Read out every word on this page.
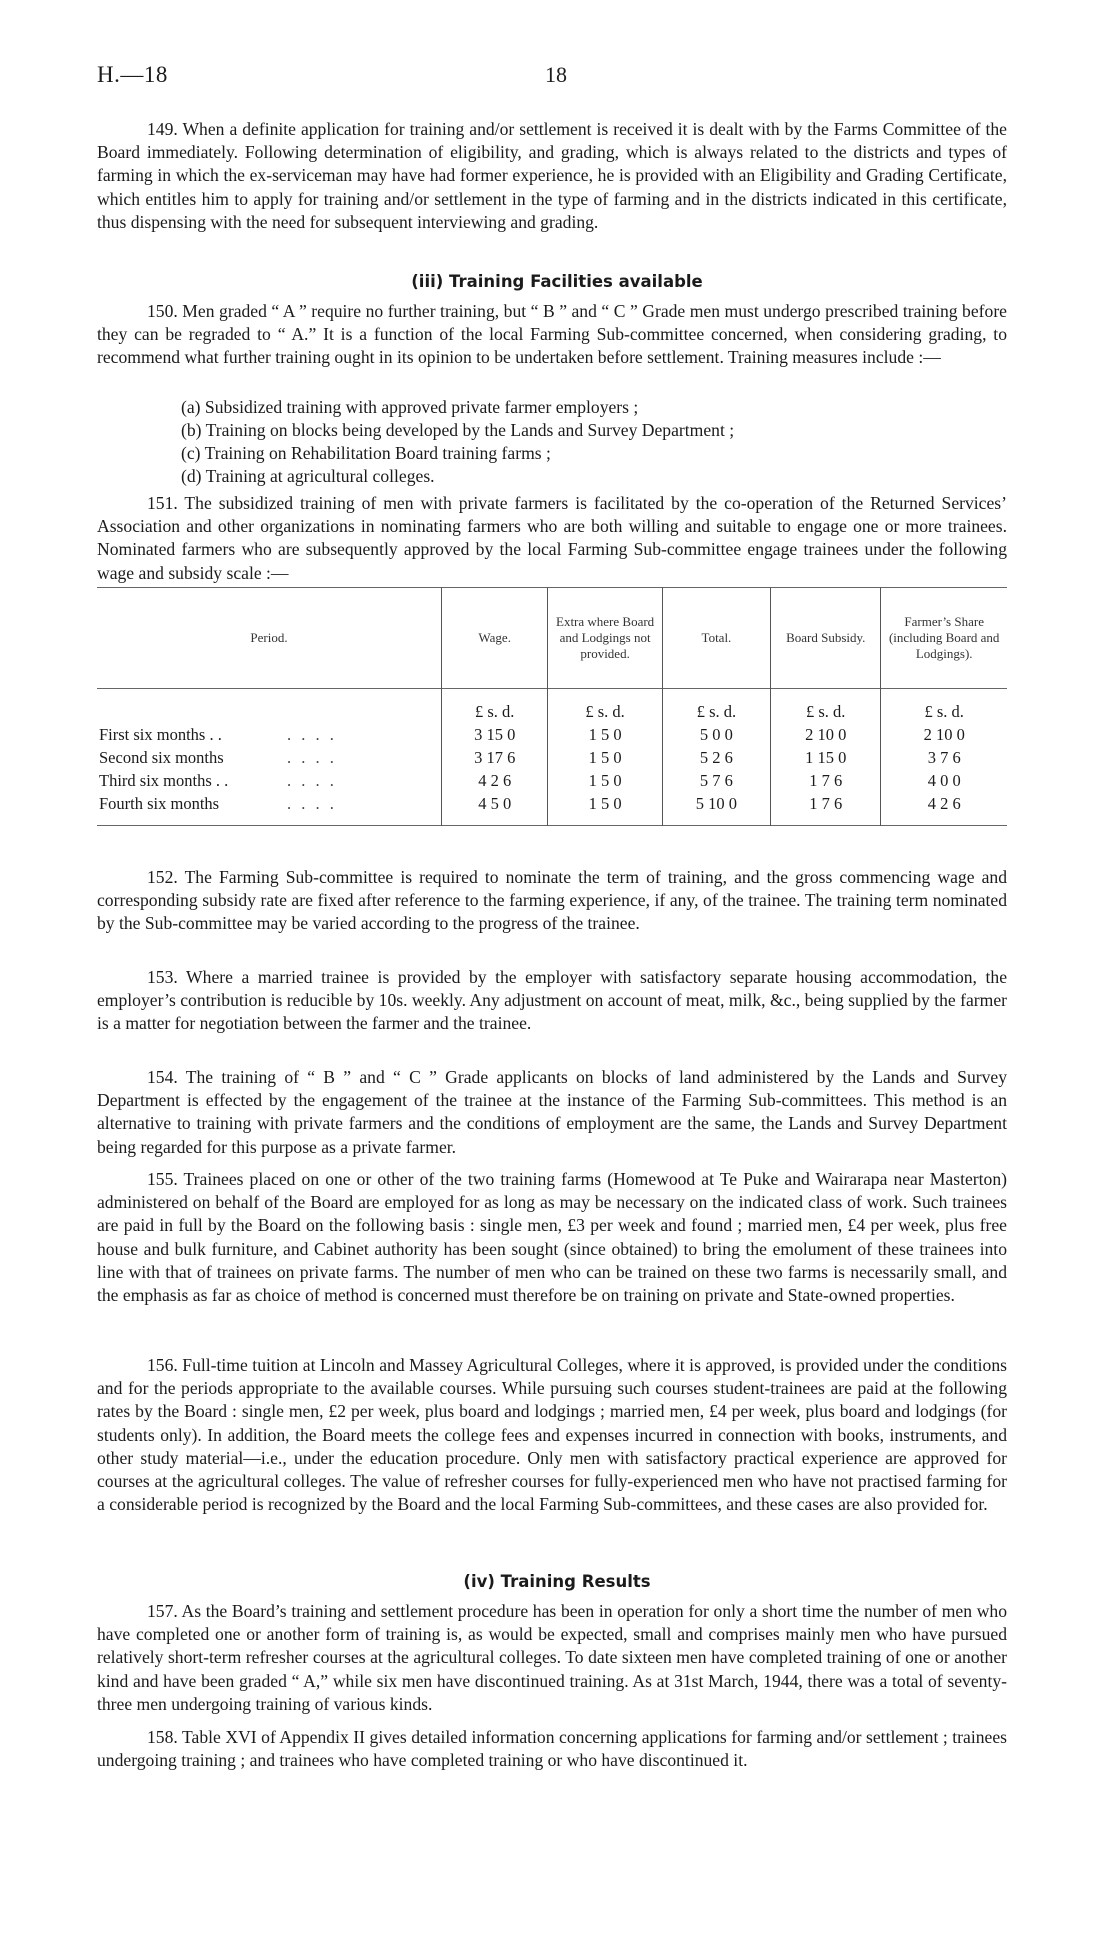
H.—18	18

149. When a definite application for training and/or settlement is received it is dealt with by the Farms Committee of the Board immediately. Following determination of eligibility, and grading, which is always related to the districts and types of farming in which the ex-serviceman may have had former experience, he is provided with an Eligibility and Grading Certificate, which entitles him to apply for training and/or settlement in the type of farming and in the districts indicated in this certificate, thus dispensing with the need for subsequent interviewing and grading.

(iii) Training Facilities available

150. Men graded “ A ” require no further training, but “ B ” and “ C ” Grade men must undergo prescribed training before they can be regraded to “ A.” It is a function of the local Farming Sub-committee concerned, when considering grading, to recommend what further training ought in its opinion to be undertaken before settlement. Training measures include :—

(a) Subsidized training with approved private farmer employers ;
(b) Training on blocks being developed by the Lands and Survey Department ;
(c) Training on Rehabilitation Board training farms ;
(d) Training at agricultural colleges.

151. The subsidized training of men with private farmers is facilitated by the co-operation of the Returned Services’ Association and other organizations in nominating farmers who are both willing and suitable to engage one or more trainees. Nominated farmers who are subsequently approved by the local Farming Sub-committee engage trainees under the following wage and subsidy scale :—

Period.	Wage.	Extra where Board and Lodgings not provided.	Total.	Board Subsidy.	Farmer’s Share (including Board and Lodgings).
	£ s. d.	£ s. d.	£ s. d.	£ s. d.	£ s. d.
First six months . . . . . .	3 15 0	1 5 0	5 0 0	2 10 0	2 10 0
Second six months . . . .	3 17 6	1 5 0	5 2 6	1 15 0	3 7 6
Third six months . . . . . .	4 2 6	1 5 0	5 7 6	1 7 6	4 0 0
Fourth six months . . . .	4 5 0	1 5 0	5 10 0	1 7 6	4 2 6

152. The Farming Sub-committee is required to nominate the term of training, and the gross commencing wage and corresponding subsidy rate are fixed after reference to the farming experience, if any, of the trainee. The training term nominated by the Sub-committee may be varied according to the progress of the trainee.

153. Where a married trainee is provided by the employer with satisfactory separate housing accommodation, the employer’s contribution is reducible by 10s. weekly. Any adjustment on account of meat, milk, &c., being supplied by the farmer is a matter for negotiation between the farmer and the trainee.

154. The training of “ B ” and “ C ” Grade applicants on blocks of land administered by the Lands and Survey Department is effected by the engagement of the trainee at the instance of the Farming Sub-committees. This method is an alternative to training with private farmers and the conditions of employment are the same, the Lands and Survey Department being regarded for this purpose as a private farmer.

155. Trainees placed on one or other of the two training farms (Homewood at Te Puke and Wairarapa near Masterton) administered on behalf of the Board are employed for as long as may be necessary on the indicated class of work. Such trainees are paid in full by the Board on the following basis : single men, £3 per week and found ; married men, £4 per week, plus free house and bulk furniture, and Cabinet authority has been sought (since obtained) to bring the emolument of these trainees into line with that of trainees on private farms. The number of men who can be trained on these two farms is necessarily small, and the emphasis as far as choice of method is concerned must therefore be on training on private and State-owned properties.

156. Full-time tuition at Lincoln and Massey Agricultural Colleges, where it is approved, is provided under the conditions and for the periods appropriate to the available courses. While pursuing such courses student-trainees are paid at the following rates by the Board : single men, £2 per week, plus board and lodgings ; married men, £4 per week, plus board and lodgings (for students only). In addition, the Board meets the college fees and expenses incurred in connection with books, instruments, and other study material—i.e., under the education procedure. Only men with satisfactory practical experience are approved for courses at the agricultural colleges. The value of refresher courses for fully-experienced men who have not practised farming for a considerable period is recognized by the Board and the local Farming Sub-committees, and these cases are also provided for.

(iv) Training Results

157. As the Board’s training and settlement procedure has been in operation for only a short time the number of men who have completed one or another form of training is, as would be expected, small and comprises mainly men who have pursued relatively short-term refresher courses at the agricultural colleges. To date sixteen men have completed training of one or another kind and have been graded “ A,” while six men have discontinued training. As at 31st March, 1944, there was a total of seventy-three men undergoing training of various kinds.

158. Table XVI of Appendix II gives detailed information concerning applications for farming and/or settlement ; trainees undergoing training ; and trainees who have completed training or who have discontinued it.
